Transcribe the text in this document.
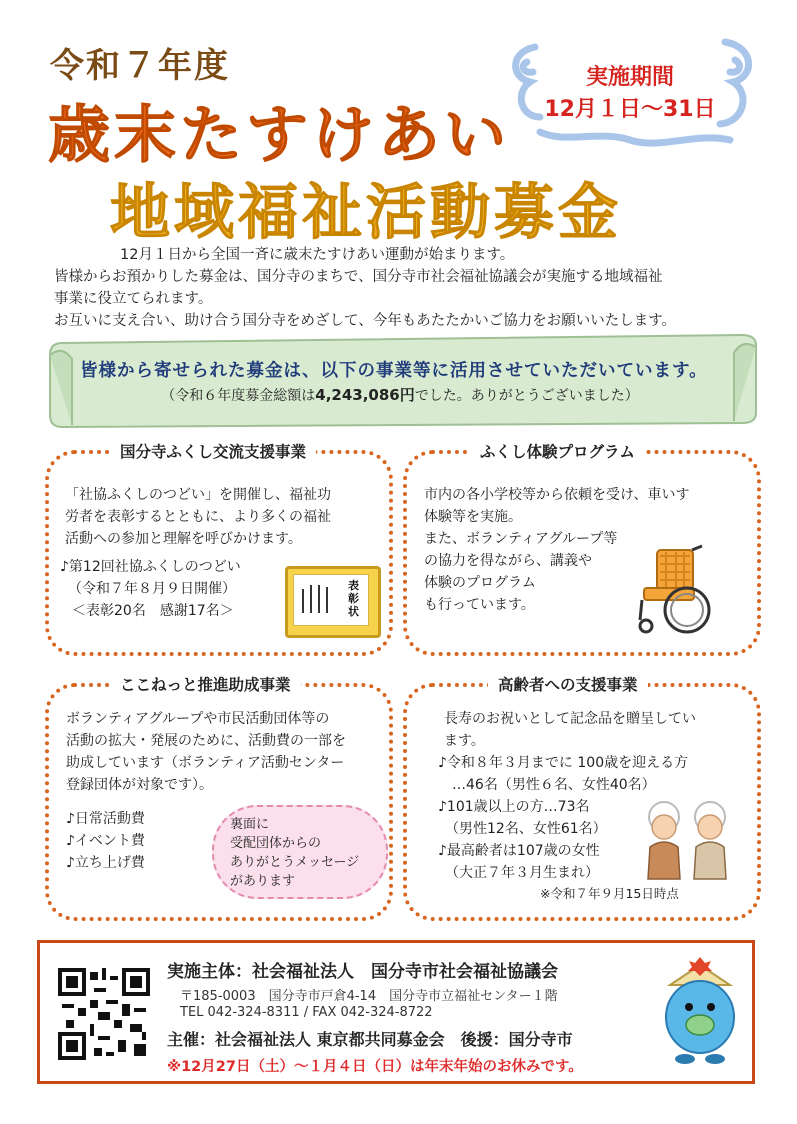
令和７年度
歳末たすけあい
地域福祉活動募金
実施期間
12月１日～31日

12月１日から全国一斉に歳末たすけあい運動が始まります。

皆様からお預かりした募金は、国分寺のまちで、国分寺市社会福祉協議会が実施する地域福祉

事業に役立てられます。

お互いに支え合い、助け合う国分寺をめざして、今年もあたたかいご協力をお願いいたします。

皆様から寄せられた募金は、以下の事業等に活用させていただいています。
（令和６年度募金総額は4,243,086円でした。ありがとうございました）
国分寺ふくし交流支援事業
「社協ふくしのつどい」を開催し、福祉功
労者を表彰するとともに、より多くの福祉
活動への参加と理解を呼びかけます。
♪第12回社協ふくしのつどい
（令和７年８月９日開催）
＜表彰20名　感謝17名＞
表彰状
ふくし体験プログラム
市内の各小学校等から依頼を受け、車いす
体験等を実施。
また、ボランティアグループ等
の協力を得ながら、講義や
体験のプログラム
も行っています。
ここねっと推進助成事業
ボランティアグループや市民活動団体等の
活動の拡大・発展のために、活動費の一部を
助成しています（ボランティア活動センター
登録団体が対象です）。
♪日常活動費
♪イベント費
♪立ち上げ費
裏面に
受配団体からの
ありがとうメッセージ
があります
高齢者への支援事業
長寿のお祝いとして記念品を贈呈してい
ます。
♪令和８年３月までに 100歳を迎える方
　…46名（男性６名、女性40名）
♪101歳以上の方…73名
　（男性12名、女性61名）
♪最高齢者は107歳の女性
　（大正７年３月生まれ）
※令和７年９月15日時点
実施主体：社会福祉法人　国分寺市社会福祉協議会
〒185-0003　国分寺市戸倉4-14　国分寺市立福祉センター１階
TEL 042-324-8311 / FAX 042-324-8722
主催：社会福祉法人 東京都共同募金会　後援：国分寺市
※12月27日（土）～１月４日（日）は年末年始のお休みです。
